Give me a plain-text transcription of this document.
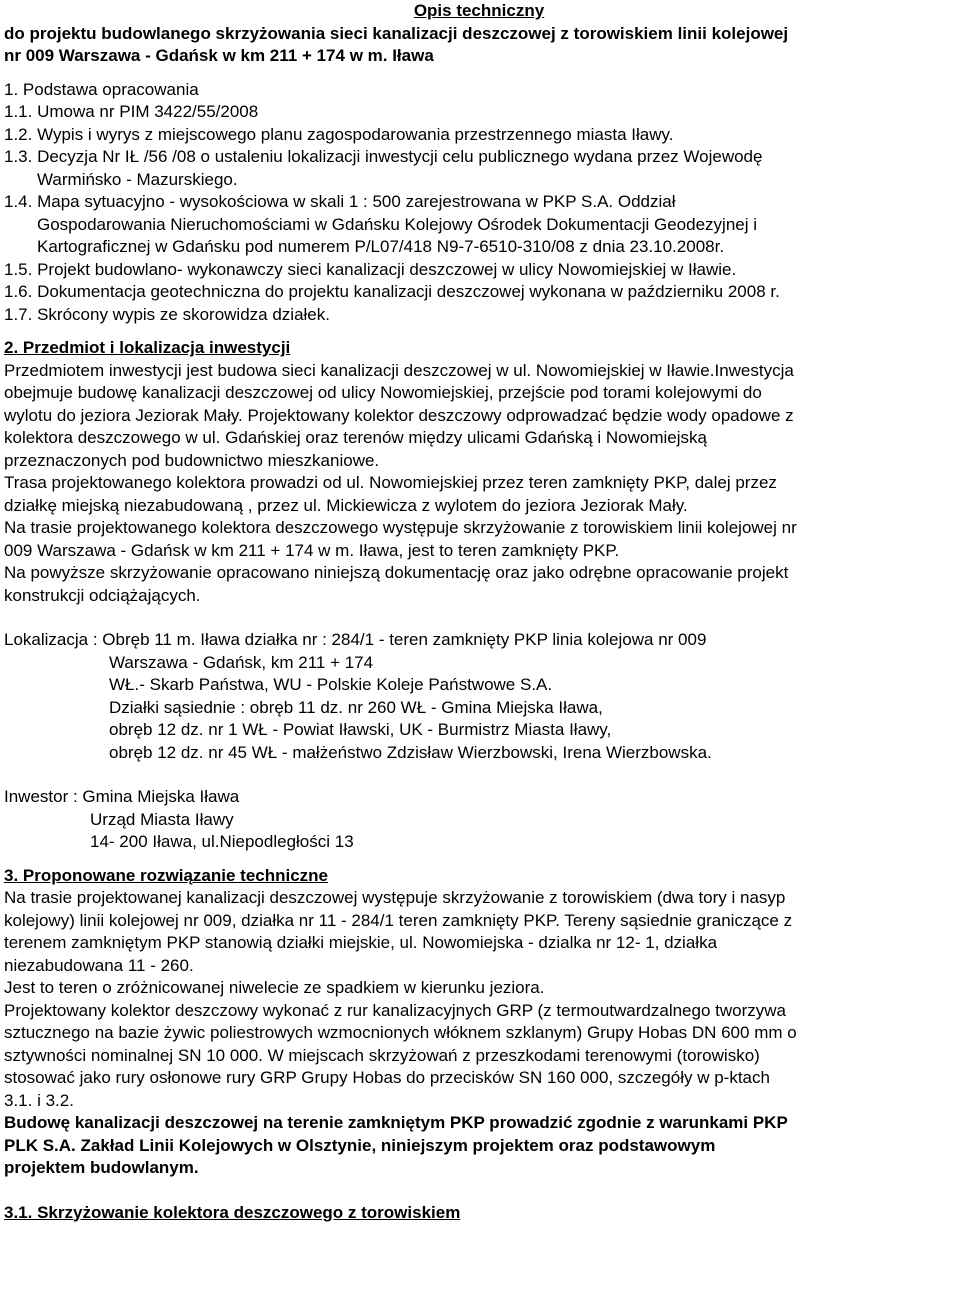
Opis techniczny
do projektu budowlanego skrzyżowania sieci kanalizacji deszczowej z torowiskiem linii kolejowej
nr 009 Warszawa - Gdańsk w km 211 + 174 w m. Iława
1. Podstawa opracowania
1.1. Umowa nr PIM 3422/55/2008
1.2. Wypis i wyrys z miejscowego planu zagospodarowania przestrzennego miasta Iławy.
1.3. Decyzja Nr IŁ /56 /08 o ustaleniu lokalizacji inwestycji celu publicznego wydana przez Wojewodę
Warmińsko - Mazurskiego.
1.4. Mapa sytuacyjno - wysokościowa w skali 1 : 500 zarejestrowana w PKP S.A. Oddział
Gospodarowania Nieruchomościami w Gdańsku Kolejowy Ośrodek Dokumentacji Geodezyjnej i
Kartograficznej w Gdańsku pod numerem P/L07/418 N9-7-6510-310/08 z dnia 23.10.2008r.
1.5. Projekt budowlano- wykonawczy sieci kanalizacji deszczowej w ulicy Nowomiejskiej w Iławie.
1.6. Dokumentacja geotechniczna do projektu kanalizacji deszczowej wykonana w październiku 2008 r.
1.7. Skrócony wypis ze skorowidza działek.
2. Przedmiot i lokalizacja inwestycji
Przedmiotem inwestycji jest budowa sieci kanalizacji deszczowej w ul. Nowomiejskiej w Iławie.Inwestycja
obejmuje budowę kanalizacji deszczowej od ulicy Nowomiejskiej, przejście pod torami kolejowymi do
wylotu do jeziora Jeziorak Mały. Projektowany kolektor deszczowy odprowadzać będzie wody opadowe z
kolektora deszczowego w ul. Gdańskiej oraz terenów między ulicami Gdańską i Nowomiejską
przeznaczonych pod budownictwo mieszkaniowe.
Trasa projektowanego kolektora prowadzi od ul. Nowomiejskiej przez teren zamknięty PKP, dalej przez
działkę miejską niezabudowaną , przez ul. Mickiewicza z wylotem do jeziora Jeziorak Mały.
Na trasie projektowanego kolektora deszczowego występuje skrzyżowanie z torowiskiem linii kolejowej nr
009 Warszawa - Gdańsk w km 211 + 174 w m. Iława, jest to teren zamknięty PKP.
Na powyższe skrzyżowanie opracowano niniejszą dokumentację oraz jako odrębne opracowanie projekt
konstrukcji odciążających.
Lokalizacja : Obręb 11 m. Iława działka nr : 284/1 - teren zamknięty PKP linia kolejowa nr 009
Warszawa - Gdańsk, km 211 + 174
WŁ.- Skarb Państwa, WU - Polskie Koleje Państwowe S.A.
Działki sąsiednie : obręb 11 dz. nr 260 WŁ - Gmina Miejska Iława,
obręb 12 dz. nr 1 WŁ - Powiat Iławski, UK - Burmistrz Miasta Iławy,
obręb 12 dz. nr 45 WŁ - małżeństwo Zdzisław Wierzbowski, Irena Wierzbowska.
Inwestor : Gmina Miejska Iława
Urząd Miasta Iławy
14- 200 Iława, ul.Niepodległości 13
3. Proponowane rozwiązanie techniczne
Na trasie projektowanej kanalizacji deszczowej występuje skrzyżowanie z torowiskiem (dwa tory i nasyp
kolejowy) linii kolejowej nr 009, działka nr 11 - 284/1 teren zamknięty PKP. Tereny sąsiednie graniczące z
terenem zamkniętym PKP stanowią działki miejskie, ul. Nowomiejska - dzialka nr 12- 1, działka
niezabudowana 11 - 260.
Jest to teren o zróżnicowanej niwelecie ze spadkiem w kierunku jeziora.
Projektowany kolektor deszczowy wykonać z rur kanalizacyjnych GRP (z termoutwardzalnego tworzywa
sztucznego na bazie żywic poliestrowych wzmocnionych włóknem szklanym) Grupy Hobas DN 600 mm o
sztywności nominalnej SN 10 000. W miejscach skrzyżowań z przeszkodami terenowymi (torowisko)
stosować jako rury osłonowe rury GRP Grupy Hobas do przecisków SN 160 000, szczegóły w p-ktach
3.1. i 3.2.
Budowę kanalizacji deszczowej na terenie zamkniętym PKP prowadzić zgodnie z warunkami PKP
PLK S.A. Zakład Linii Kolejowych w Olsztynie, niniejszym projektem oraz podstawowym
projektem budowlanym.
3.1. Skrzyżowanie kolektora deszczowego z torowiskiem
